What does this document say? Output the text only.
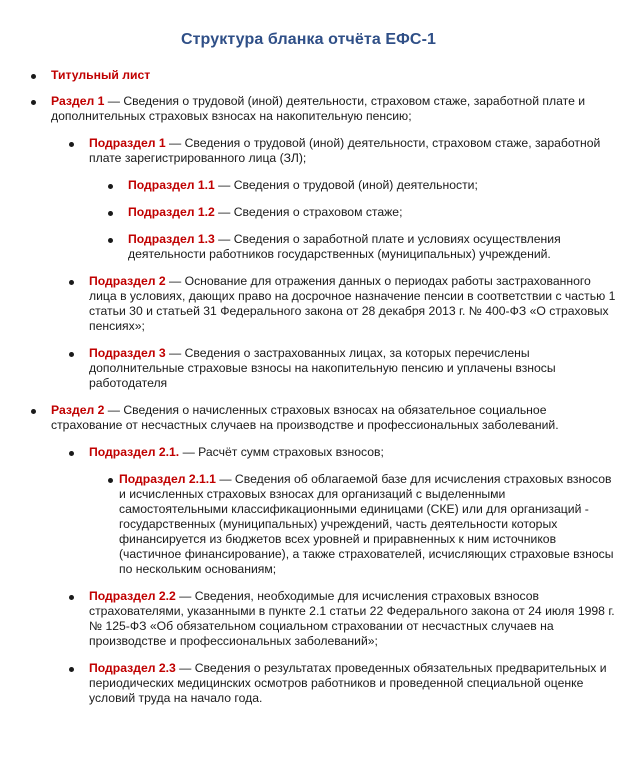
Структура бланка отчёта ЕФС-1
Титульный лист
Раздел 1 — Сведения о трудовой (иной) деятельности, страховом стаже, заработной плате и дополнительных страховых взносах на накопительную пенсию;
Подраздел 1 — Сведения о трудовой (иной) деятельности, страховом стаже, заработной плате зарегистрированного лица (ЗЛ);
Подраздел 1.1 — Сведения о трудовой (иной) деятельности;
Подраздел 1.2 — Сведения о страховом стаже;
Подраздел 1.3 — Сведения о заработной плате и условиях осуществления деятельности работников государственных (муниципальных) учреждений.
Подраздел 2 — Основание для отражения данных о периодах работы застрахованного лица в условиях, дающих право на досрочное назначение пенсии в соответствии с частью 1 статьи 30 и статьей 31 Федерального закона от 28 декабря 2013 г. № 400-ФЗ «О страховых пенсиях»;
Подраздел 3 — Сведения о застрахованных лицах, за которых перечислены дополнительные страховые взносы на накопительную пенсию и уплачены взносы работодателя
Раздел 2 — Сведения о начисленных страховых взносах на обязательное социальное страхование от несчастных случаев на производстве и профессиональных заболеваний.
Подраздел 2.1. — Расчёт сумм страховых взносов;
Подраздел 2.1.1 — Сведения об облагаемой базе для исчисления страховых взносов и исчисленных страховых взносах для организаций с выделенными самостоятельными классификационными единицами (СКЕ) или для организаций - государственных (муниципальных) учреждений, часть деятельности которых финансируется из бюджетов всех уровней и приравненных к ним источников (частичное финансирование), а также страхователей, исчисляющих страховые взносы по нескольким основаниям;
Подраздел 2.2 — Сведения, необходимые для исчисления страховых взносов страхователями, указанными в пункте 2.1 статьи 22 Федерального закона от 24 июля 1998 г. № 125-ФЗ «Об обязательном социальном страховании от несчастных случаев на производстве и профессиональных заболеваний»;
Подраздел 2.3 — Сведения о результатах проведенных обязательных предварительных и периодических медицинских осмотров работников и проведенной специальной оценке условий труда на начало года.
